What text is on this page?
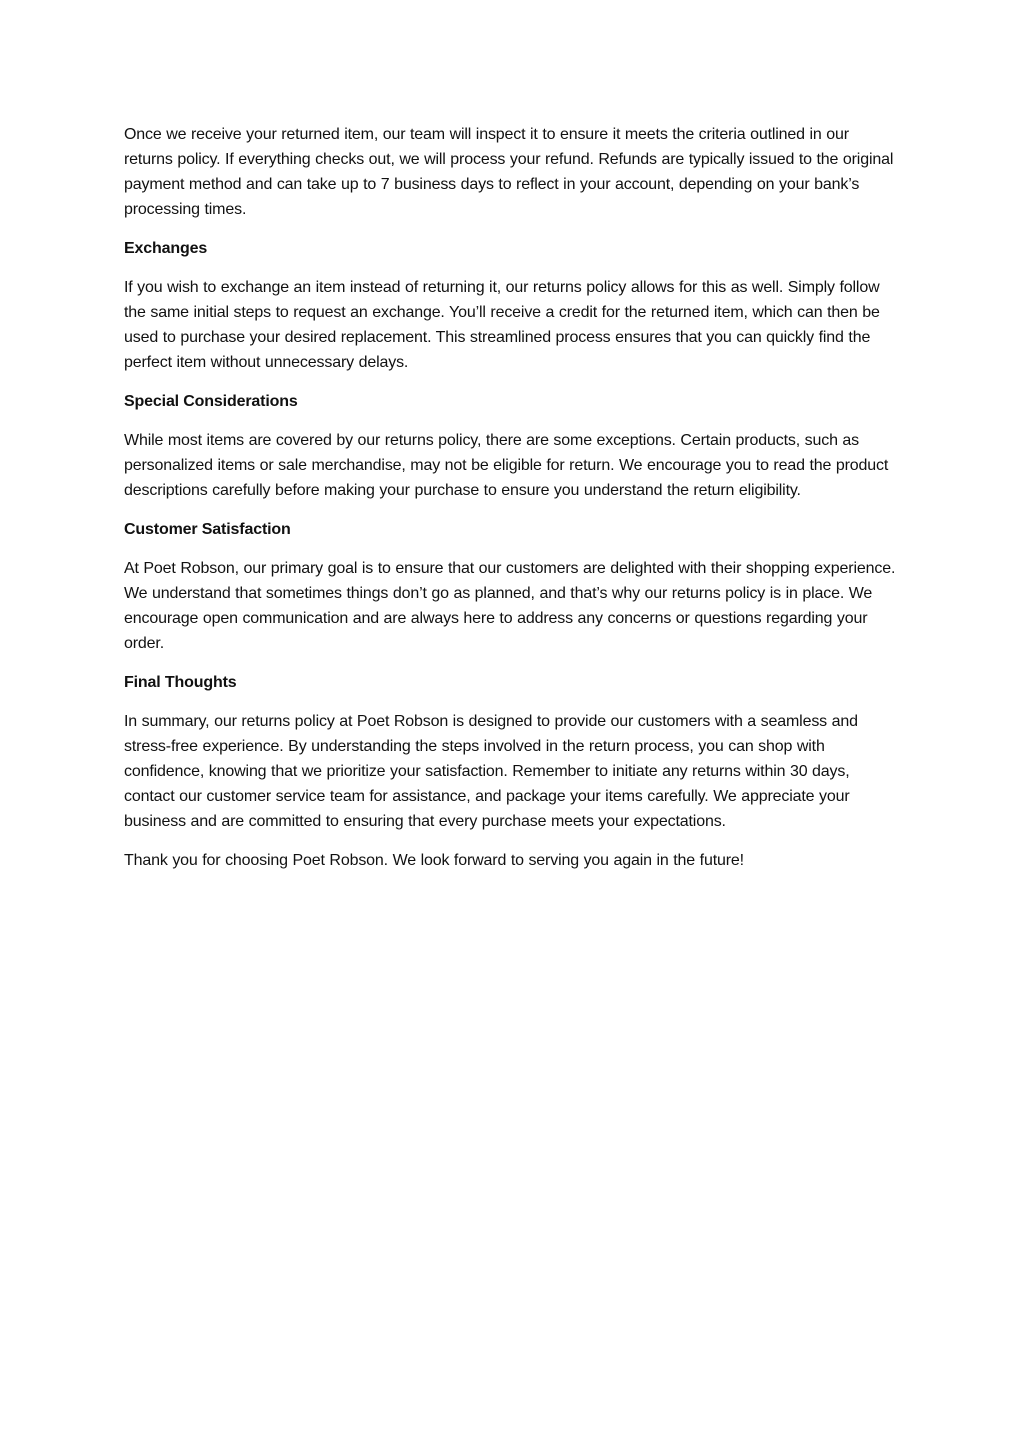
Once we receive your returned item, our team will inspect it to ensure it meets the criteria outlined in our returns policy. If everything checks out, we will process your refund. Refunds are typically issued to the original payment method and can take up to 7 business days to reflect in your account, depending on your bank’s processing times.

Exchanges

If you wish to exchange an item instead of returning it, our returns policy allows for this as well. Simply follow the same initial steps to request an exchange. You’ll receive a credit for the returned item, which can then be used to purchase your desired replacement. This streamlined process ensures that you can quickly find the perfect item without unnecessary delays.

Special Considerations

While most items are covered by our returns policy, there are some exceptions. Certain products, such as personalized items or sale merchandise, may not be eligible for return. We encourage you to read the product descriptions carefully before making your purchase to ensure you understand the return eligibility.

Customer Satisfaction

At Poet Robson, our primary goal is to ensure that our customers are delighted with their shopping experience. We understand that sometimes things don’t go as planned, and that’s why our returns policy is in place. We encourage open communication and are always here to address any concerns or questions regarding your order.

Final Thoughts

In summary, our returns policy at Poet Robson is designed to provide our customers with a seamless and stress-free experience. By understanding the steps involved in the return process, you can shop with confidence, knowing that we prioritize your satisfaction. Remember to initiate any returns within 30 days, contact our customer service team for assistance, and package your items carefully. We appreciate your business and are committed to ensuring that every purchase meets your expectations.

Thank you for choosing Poet Robson. We look forward to serving you again in the future!
